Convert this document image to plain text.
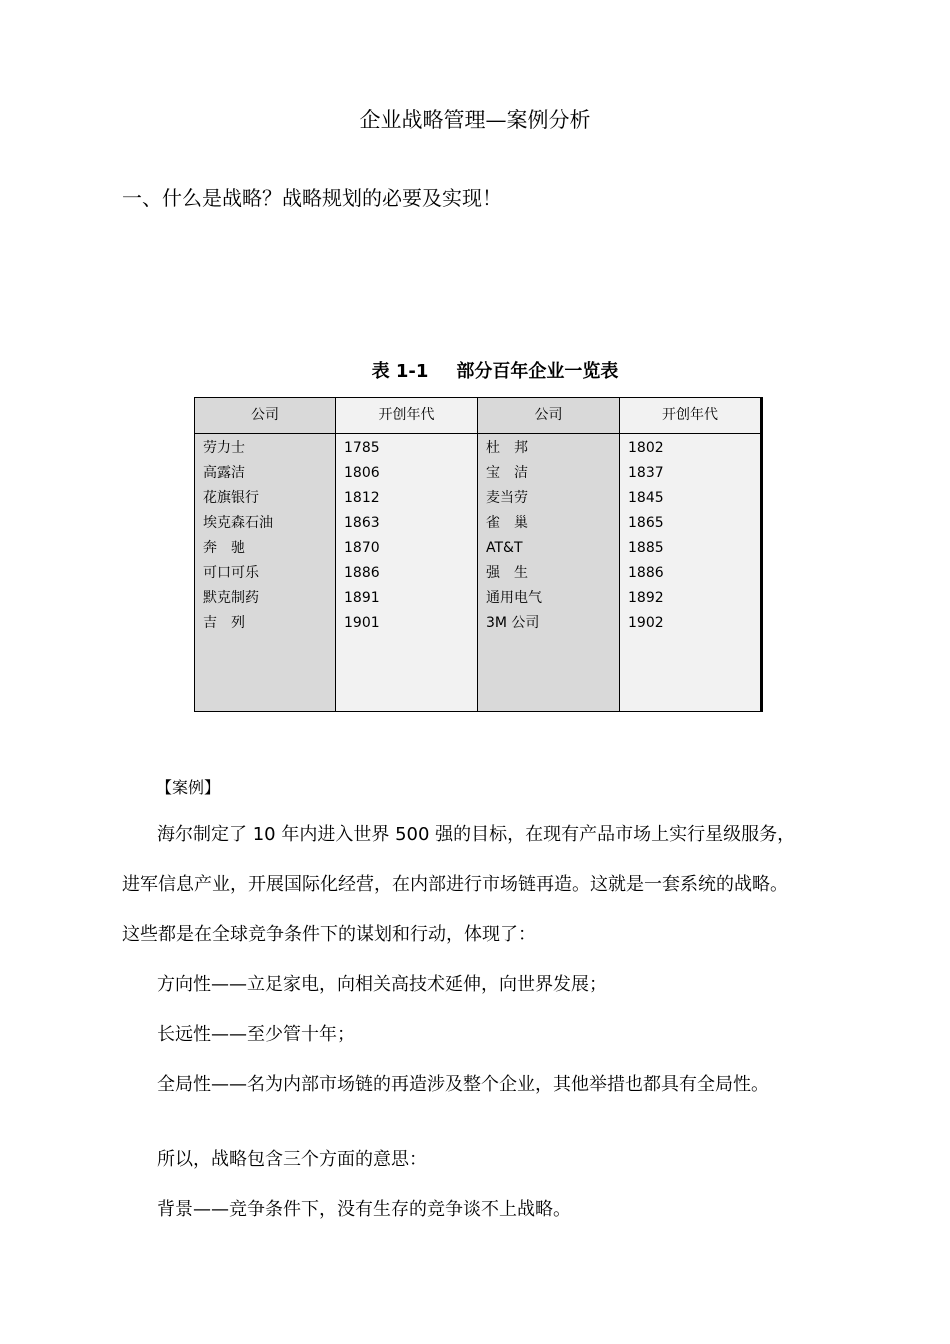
企业战略管理—案例分析
一、什么是战略？战略规划的必要及实现！
表 1-1 部分百年企业一览表
公司
劳力士
高露洁
花旗银行
埃克森石油
奔　驰
可口可乐
默克制药
吉　列
开创年代
1785
1806
1812
1863
1870
1886
1891
1901
公司
杜　邦
宝　洁
麦当劳
雀　巢
AT&T
强　生
通用电气
3M 公司
开创年代
1802
1837
1845
1865
1885
1886
1892
1902
【案例】
海尔制定了 10 年内进入世界 500 强的目标，在现有产品市场上实行星级服务，
进军信息产业，开展国际化经营，在内部进行市场链再造。这就是一套系统的战略。
这些都是在全球竞争条件下的谋划和行动，体现了：
方向性——立足家电，向相关高技术延伸，向世界发展；
长远性——至少管十年；
全局性——名为内部市场链的再造涉及整个企业，其他举措也都具有全局性。
所以，战略包含三个方面的意思：
背景——竞争条件下，没有生存的竞争谈不上战略。
